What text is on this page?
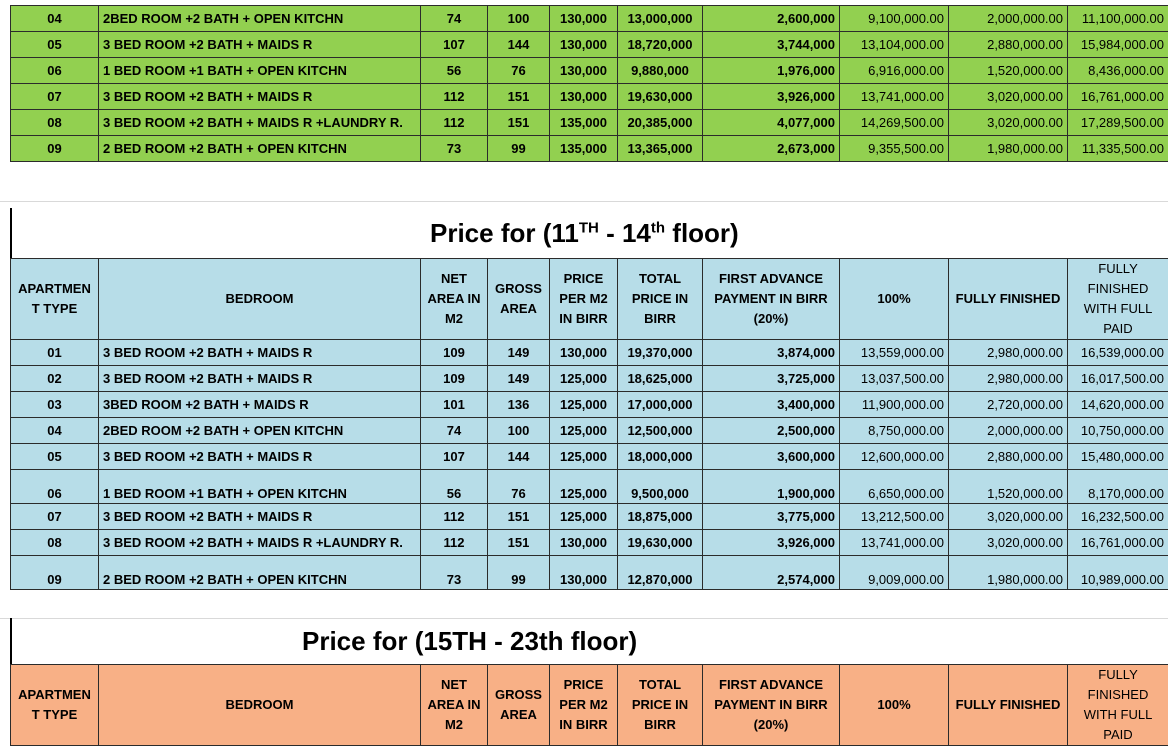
04	2BED ROOM +2 BATH + OPEN KITCHN	74	100	130,000	13,000,000	2,600,000	9,100,000.00	2,000,000.00	11,100,000.00
05	3 BED ROOM +2 BATH + MAIDS R	107	144	130,000	18,720,000	3,744,000	13,104,000.00	2,880,000.00	15,984,000.00
06	1 BED ROOM +1 BATH + OPEN KITCHN	56	76	130,000	9,880,000	1,976,000	6,916,000.00	1,520,000.00	8,436,000.00
07	3 BED ROOM +2 BATH + MAIDS R	112	151	130,000	19,630,000	3,926,000	13,741,000.00	3,020,000.00	16,761,000.00
08	3 BED ROOM +2 BATH + MAIDS R +LAUNDRY R.	112	151	135,000	20,385,000	4,077,000	14,269,500.00	3,020,000.00	17,289,500.00
09	2 BED ROOM +2 BATH + OPEN KITCHN	73	99	135,000	13,365,000	2,673,000	9,355,500.00	1,980,000.00	11,335,500.00
Price for (11TH - 14th floor)
APARTMEN T TYPE	BEDROOM	NET AREA IN M2	GROSS AREA	PRICE PER M2 IN BIRR	TOTAL PRICE IN BIRR	FIRST ADVANCE PAYMENT IN BIRR (20%)	100%	FULLY FINISHED	FULLY FINISHED WITH FULL PAID
01	3 BED ROOM +2 BATH + MAIDS R	109	149	130,000	19,370,000	3,874,000	13,559,000.00	2,980,000.00	16,539,000.00
02	3 BED ROOM +2 BATH + MAIDS R	109	149	125,000	18,625,000	3,725,000	13,037,500.00	2,980,000.00	16,017,500.00
03	3BED ROOM +2 BATH + MAIDS R	101	136	125,000	17,000,000	3,400,000	11,900,000.00	2,720,000.00	14,620,000.00
04	2BED ROOM +2 BATH + OPEN KITCHN	74	100	125,000	12,500,000	2,500,000	8,750,000.00	2,000,000.00	10,750,000.00
05	3 BED ROOM +2 BATH + MAIDS R	107	144	125,000	18,000,000	3,600,000	12,600,000.00	2,880,000.00	15,480,000.00
06	1 BED ROOM +1 BATH + OPEN KITCHN	56	76	125,000	9,500,000	1,900,000	6,650,000.00	1,520,000.00	8,170,000.00
07	3 BED ROOM +2 BATH + MAIDS R	112	151	125,000	18,875,000	3,775,000	13,212,500.00	3,020,000.00	16,232,500.00
08	3 BED ROOM +2 BATH + MAIDS R +LAUNDRY R.	112	151	130,000	19,630,000	3,926,000	13,741,000.00	3,020,000.00	16,761,000.00
09	2 BED ROOM +2 BATH + OPEN KITCHN	73	99	130,000	12,870,000	2,574,000	9,009,000.00	1,980,000.00	10,989,000.00
Price for (15TH - 23th floor)
APARTMEN T TYPE	BEDROOM	NET AREA IN M2	GROSS AREA	PRICE PER M2 IN BIRR	TOTAL PRICE IN BIRR	FIRST ADVANCE PAYMENT IN BIRR (20%)	100%	FULLY FINISHED	FULLY FINISHED WITH FULL PAID
